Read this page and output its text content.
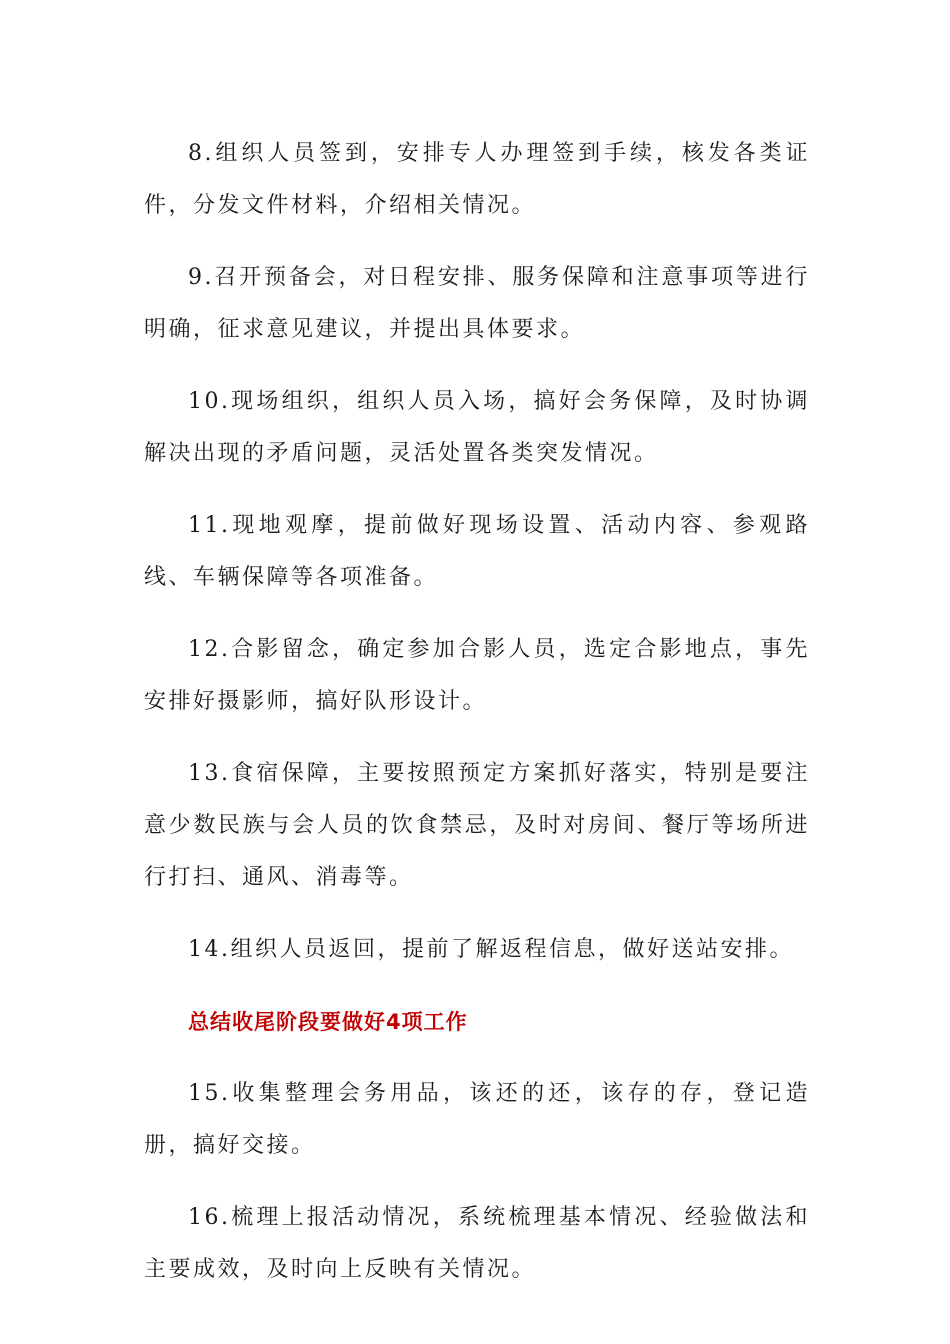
8.组织人员签到，安排专人办理签到手续，核发各类证件，分发文件材料，介绍相关情况。

9.召开预备会，对日程安排、服务保障和注意事项等进行明确，征求意见建议，并提出具体要求。

10.现场组织，组织人员入场，搞好会务保障，及时协调解决出现的矛盾问题，灵活处置各类突发情况。

11.现地观摩，提前做好现场设置、活动内容、参观路线、车辆保障等各项准备。

12.合影留念，确定参加合影人员，选定合影地点，事先安排好摄影师，搞好队形设计。

13.食宿保障，主要按照预定方案抓好落实，特别是要注意少数民族与会人员的饮食禁忌，及时对房间、餐厅等场所进行打扫、通风、消毒等。

14.组织人员返回，提前了解返程信息，做好送站安排。

总结收尾阶段要做好4项工作

15.收集整理会务用品，该还的还，该存的存，登记造册，搞好交接。

16.梳理上报活动情况，系统梳理基本情况、经验做法和主要成效，及时向上反映有关情况。
